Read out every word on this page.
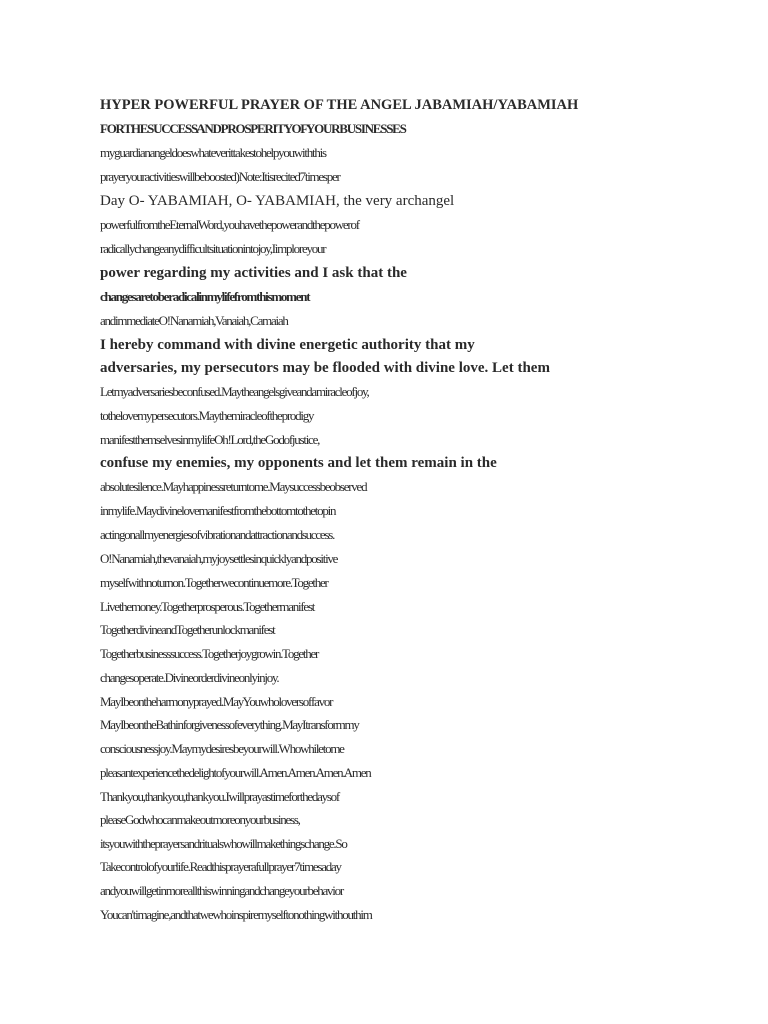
HYPER POWERFUL PRAYER OF THE ANGEL JABAMIAH/YABAMIAH
FOR THE SUCCESS AND PROSPERITY OF YOUR BUSINESSES
my guardian angel does whatever it takes to help you with this
prayer your activities will be boosted) Note: It is recited 7 times per
Day O- YABAMIAH, O- YABAMIAH, the very archangel
powerful from the Eternal Word, you have the power and the power of
radically change any difficult situation into joy, I implore your
power regarding my activities and I ask that the
changes are to be radical in my life from this moment
and immediate O! Nanamiah, Vanaiah, Camaiah
I hereby command with divine energetic authority that my
adversaries, my persecutors may be flooded with divine love. Let them
Let my adversaries be confused. May the angels give and a miracle of joy,
to the love my persecutors. May the miracle of the prodigy
manifest themselves in my life Oh! Lord, the God of justice,
confuse my enemies, my opponents and let them remain in the
absolute silence. May happiness return to me. May success be observed
in my life. May divine love manifest from the bottom to the top in
acting on all my energies of vibration and attraction and success.
O! Nanamiah, the vanaiah, my joy settles in quickly and positive
myself with no turn on. Together we continue more. Together
Live the money. Together prosperous. Together manifest
Together divine and Together unlock manifest
Together business success. Together joy grow in. Together
changes operate. Divine order divine only in joy.
May I be on the harmony prayed. May You who lovers of favor
May I be on the Bath in forgiveness of everything. May I transform my
consciousness joy. May my desires be your will. Who while to me
pleasant experience the delight of your will. Amen. Amen. Amen. Amen
Thank you, thank you, thank you. I will pray as time for the days of
please God who can make out more on your business,
its you with the prayers and rituals who will make things change. So
Take control of your life. Read this prayer a full prayer 7 times a day
and you will get in more all this winning and change your behavior
You can't imagine, and that we who inspire myself to nothing without him
